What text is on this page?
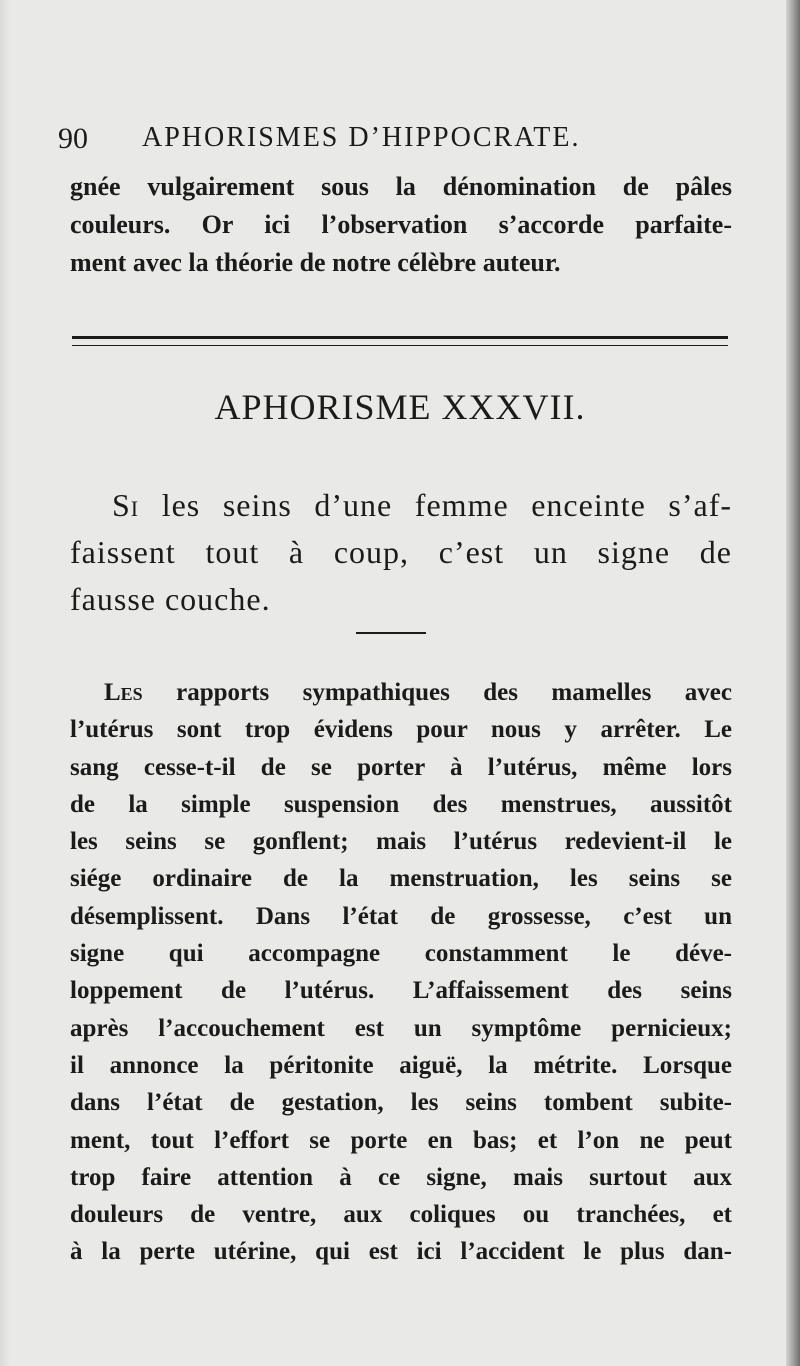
90 APHORISMES D’HIPPOCRATE.
gnée vulgairement sous la dénomination de pâles
couleurs. Or ici l’observation s’accorde parfaite-
ment avec la théorie de notre célèbre auteur.
APHORISME XXXVII.
Si les seins d’une femme enceinte s’af-
faissent tout à coup, c’est un signe de
fausse couche.
Les rapports sympathiques des mamelles avec
l’utérus sont trop évidens pour nous y arrêter. Le
sang cesse-t-il de se porter à l’utérus, même lors
de la simple suspension des menstrues, aussitôt
les seins se gonflent; mais l’utérus redevient-il le
siége ordinaire de la menstruation, les seins se
désemplissent. Dans l’état de grossesse, c’est un
signe qui accompagne constamment le déve-
loppement de l’utérus. L’affaissement des seins
après l’accouchement est un symptôme pernicieux;
il annonce la péritonite aiguë, la métrite. Lorsque
dans l’état de gestation, les seins tombent subite-
ment, tout l’effort se porte en bas; et l’on ne peut
trop faire attention à ce signe, mais surtout aux
douleurs de ventre, aux coliques ou tranchées, et
à la perte utérine, qui est ici l’accident le plus dan-
